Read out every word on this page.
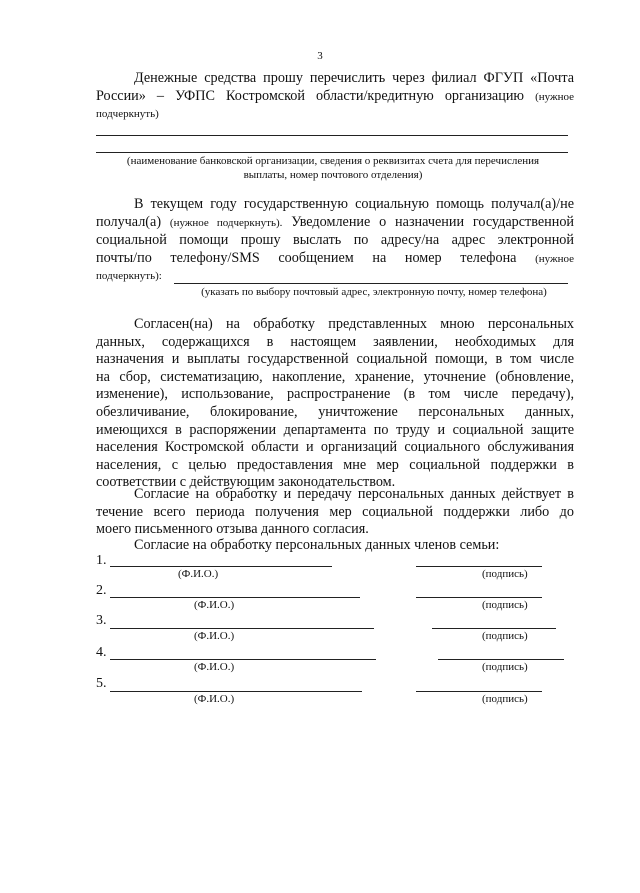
3
Денежные средства прошу перечислить через филиал ФГУП «Почта
России» – УФПС Костромской области/кредитную организацию (нужное
подчеркнуть)
(наименование банковской организации, сведения о реквизитах счета для перечисления
выплаты, номер почтового отделения)
В текущем году государственную социальную помощь получал(а)/не
получал(а) (нужное подчеркнуть). Уведомление о назначении государственной
социальной помощи прошу выслать по адресу/на адрес электронной
почты/по телефону/SMS сообщением на номер телефона (нужное
подчеркнуть):
(указать по выбору почтовый адрес, электронную почту, номер телефона)
Согласен(на) на обработку представленных мною персональных
данных, содержащихся в настоящем заявлении, необходимых для
назначения и выплаты государственной социальной помощи, в том числе
на сбор, систематизацию, накопление, хранение, уточнение (обновление,
изменение), использование, распространение (в том числе передачу),
обезличивание, блокирование, уничтожение персональных данных,
имеющихся в распоряжении департамента по труду и социальной защите
населения Костромской области и организаций социального обслуживания
населения, с целью предоставления мне мер социальной поддержки в
соответствии с действующим законодательством.
Согласие на обработку и передачу персональных данных действует в
течение всего периода получения мер социальной поддержки либо до
моего письменного отзыва данного согласия.
Согласие на обработку персональных данных членов семьи:
1.
(Ф.И.О.)	(подпись)
2.
(Ф.И.О.)	(подпись)
3.
(Ф.И.О.)	(подпись)
4.
(Ф.И.О.)	(подпись)
5.
(Ф.И.О.)	(подпись)
